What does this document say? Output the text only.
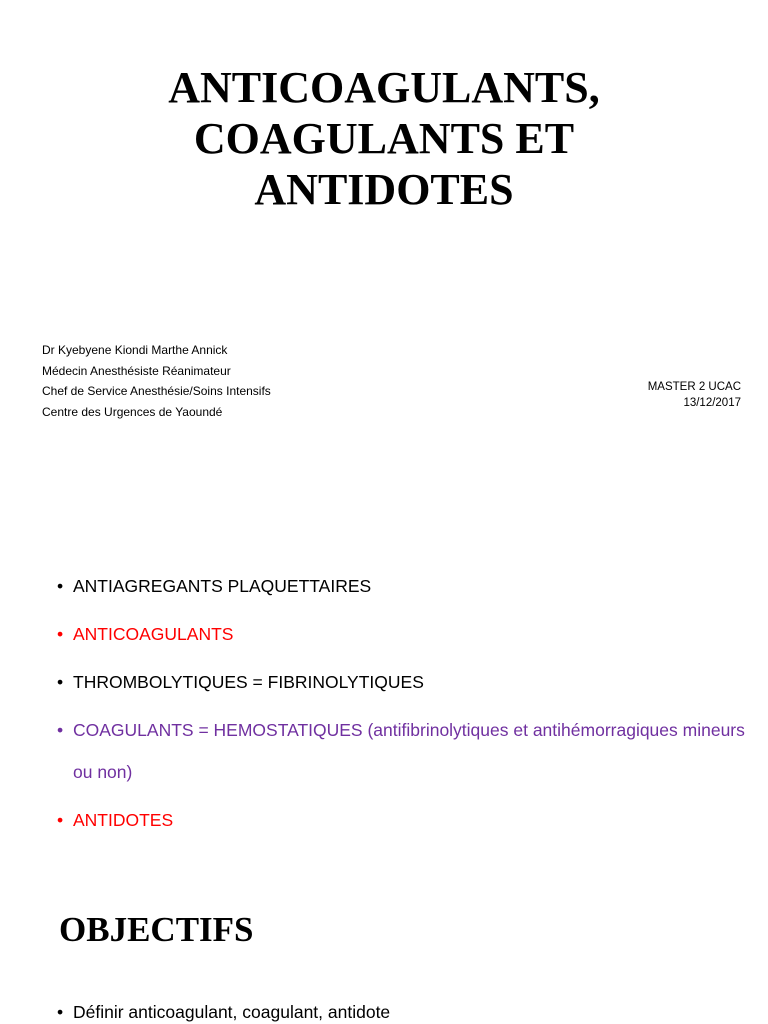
ANTICOAGULANTS,
COAGULANTS ET
ANTIDOTES
Dr Kyebyene Kiondi Marthe Annick
Médecin Anesthésiste Réanimateur
Chef de Service Anesthésie/Soins Intensifs
Centre des Urgences de Yaoundé
MASTER 2 UCAC
13/12/2017
• ANTIAGREGANTS PLAQUETTAIRES
• ANTICOAGULANTS
• THROMBOLYTIQUES = FIBRINOLYTIQUES
• COAGULANTS = HEMOSTATIQUES (antifibrinolytiques et antihémorragiques mineurs ou non)
• ANTIDOTES
OBJECTIFS
• Définir anticoagulant, coagulant, antidote
